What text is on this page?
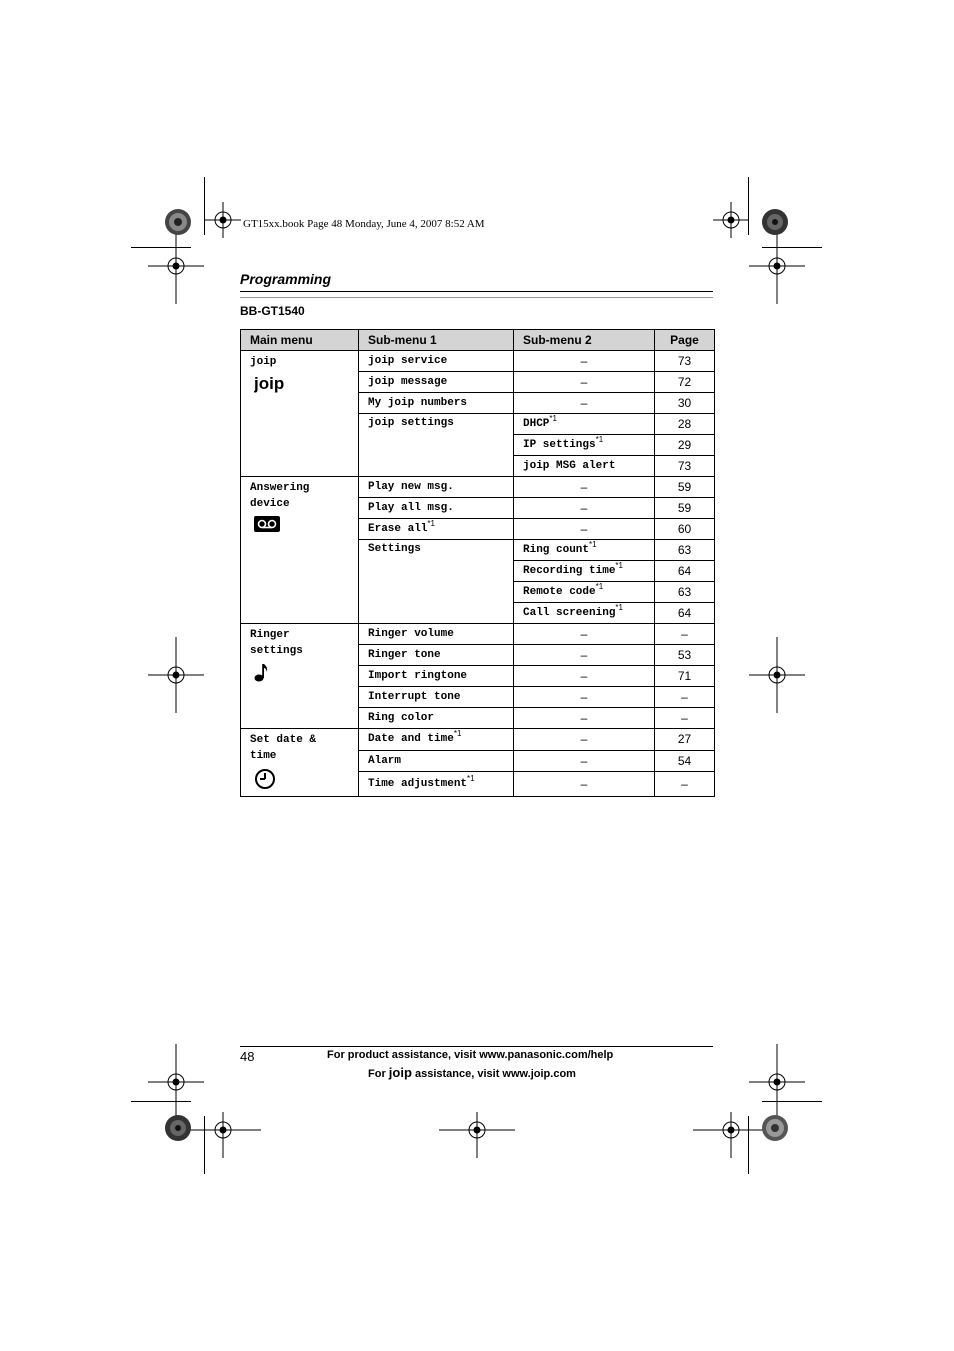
GT15xx.book Page 48 Monday, June 4, 2007 8:52 AM
Programming
BB-GT1540
Main menu	Sub-menu 1	Sub-menu 2	Page
joip
joip	joip service	–	73
	joip message	–	72
	My joip numbers	–	30
	joip settings	DHCP$^{*1}$	28
		IP settings$^{*1}$	29
		joip MSG alert	73

Answering device	Play new msg.	–	59
	Play all msg.	–	59
	Erase all$^{*1}$	–	60
	Settings	Ring count$^{*1}$	63
		Recording time$^{*1}$	64
		Remote code$^{*1}$	63
		Call screening$^{*1}$	64

Ringer settings	Ringer volume	–	–
	Ringer tone	–	53
	Import ringtone	–	71
	Interrupt tone	–	–
	Ring color	–	–

Set date & time	Date and time$^{*1}$	–	27
	Alarm	–	54
	Time adjustment$^{*1}$	–	–
48	For product assistance, visit www.panasonic.com/help
For joip assistance, visit www.joip.com
